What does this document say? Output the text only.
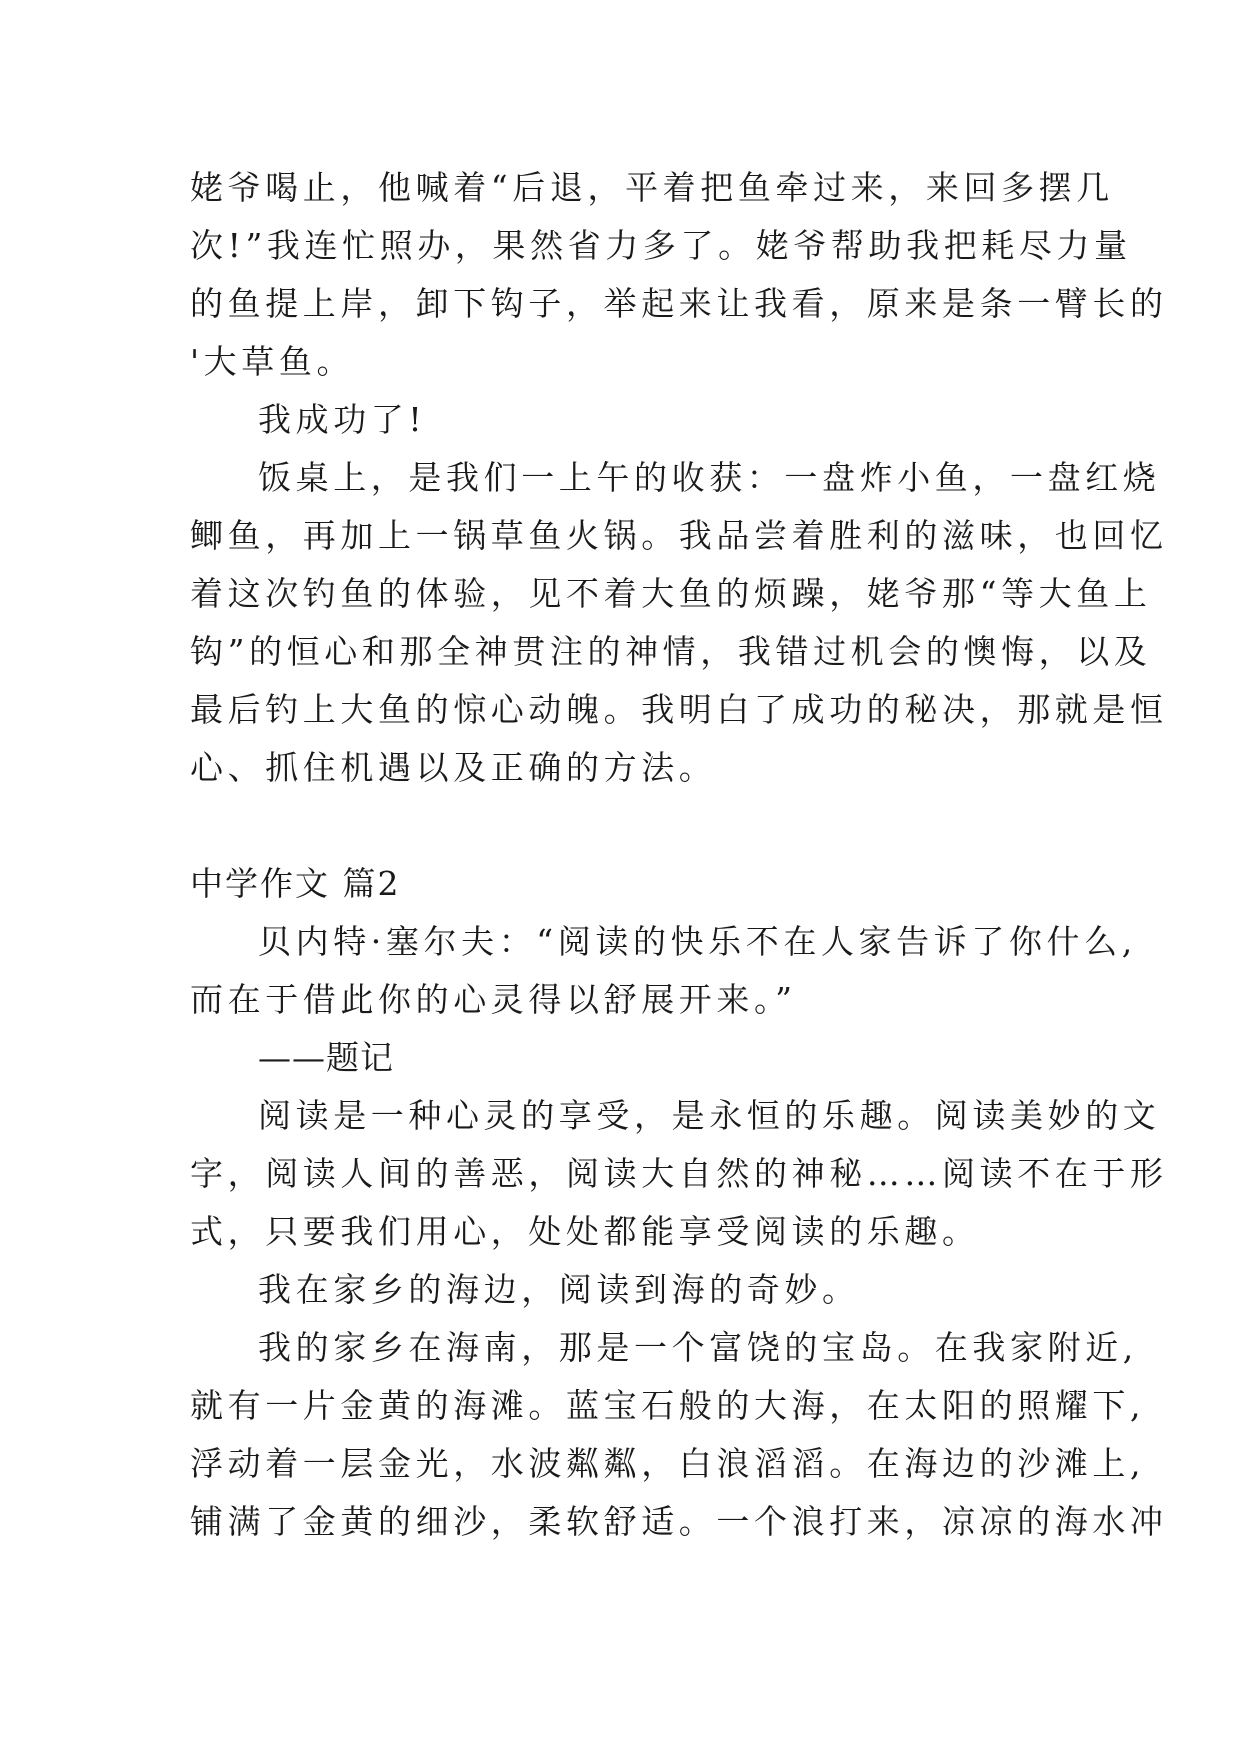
姥爷喝止，他喊着“后退，平着把鱼牵过来，来回多摆几
次!”我连忙照办，果然省力多了。姥爷帮助我把耗尽力量
的鱼提上岸，卸下钩子，举起来让我看，原来是条一臂长的
'大草鱼。
我成功了!
饭桌上，是我们一上午的收获：一盘炸小鱼，一盘红烧
鲫鱼，再加上一锅草鱼火锅。我品尝着胜利的滋味，也回忆
着这次钓鱼的体验，见不着大鱼的烦躁，姥爷那“等大鱼上
钩”的恒心和那全神贯注的神情，我错过机会的懊悔，以及
最后钓上大鱼的惊心动魄。我明白了成功的秘决，那就是恒
心、抓住机遇以及正确的方法。
中学作文 篇2
贝内特·塞尔夫：“阅读的快乐不在人家告诉了你什么,
而在于借此你的心灵得以舒展开来。”
——题记
阅读是一种心灵的享受，是永恒的乐趣。阅读美妙的文
字，阅读人间的善恶，阅读大自然的神秘……阅读不在于形
式，只要我们用心，处处都能享受阅读的乐趣。
我在家乡的海边，阅读到海的奇妙。
我的家乡在海南，那是一个富饶的宝岛。在我家附近,
就有一片金黄的海滩。蓝宝石般的大海，在太阳的照耀下,
浮动着一层金光，水波粼粼，白浪滔滔。在海边的沙滩上,
铺满了金黄的细沙，柔软舒适。一个浪打来，凉凉的海水冲
